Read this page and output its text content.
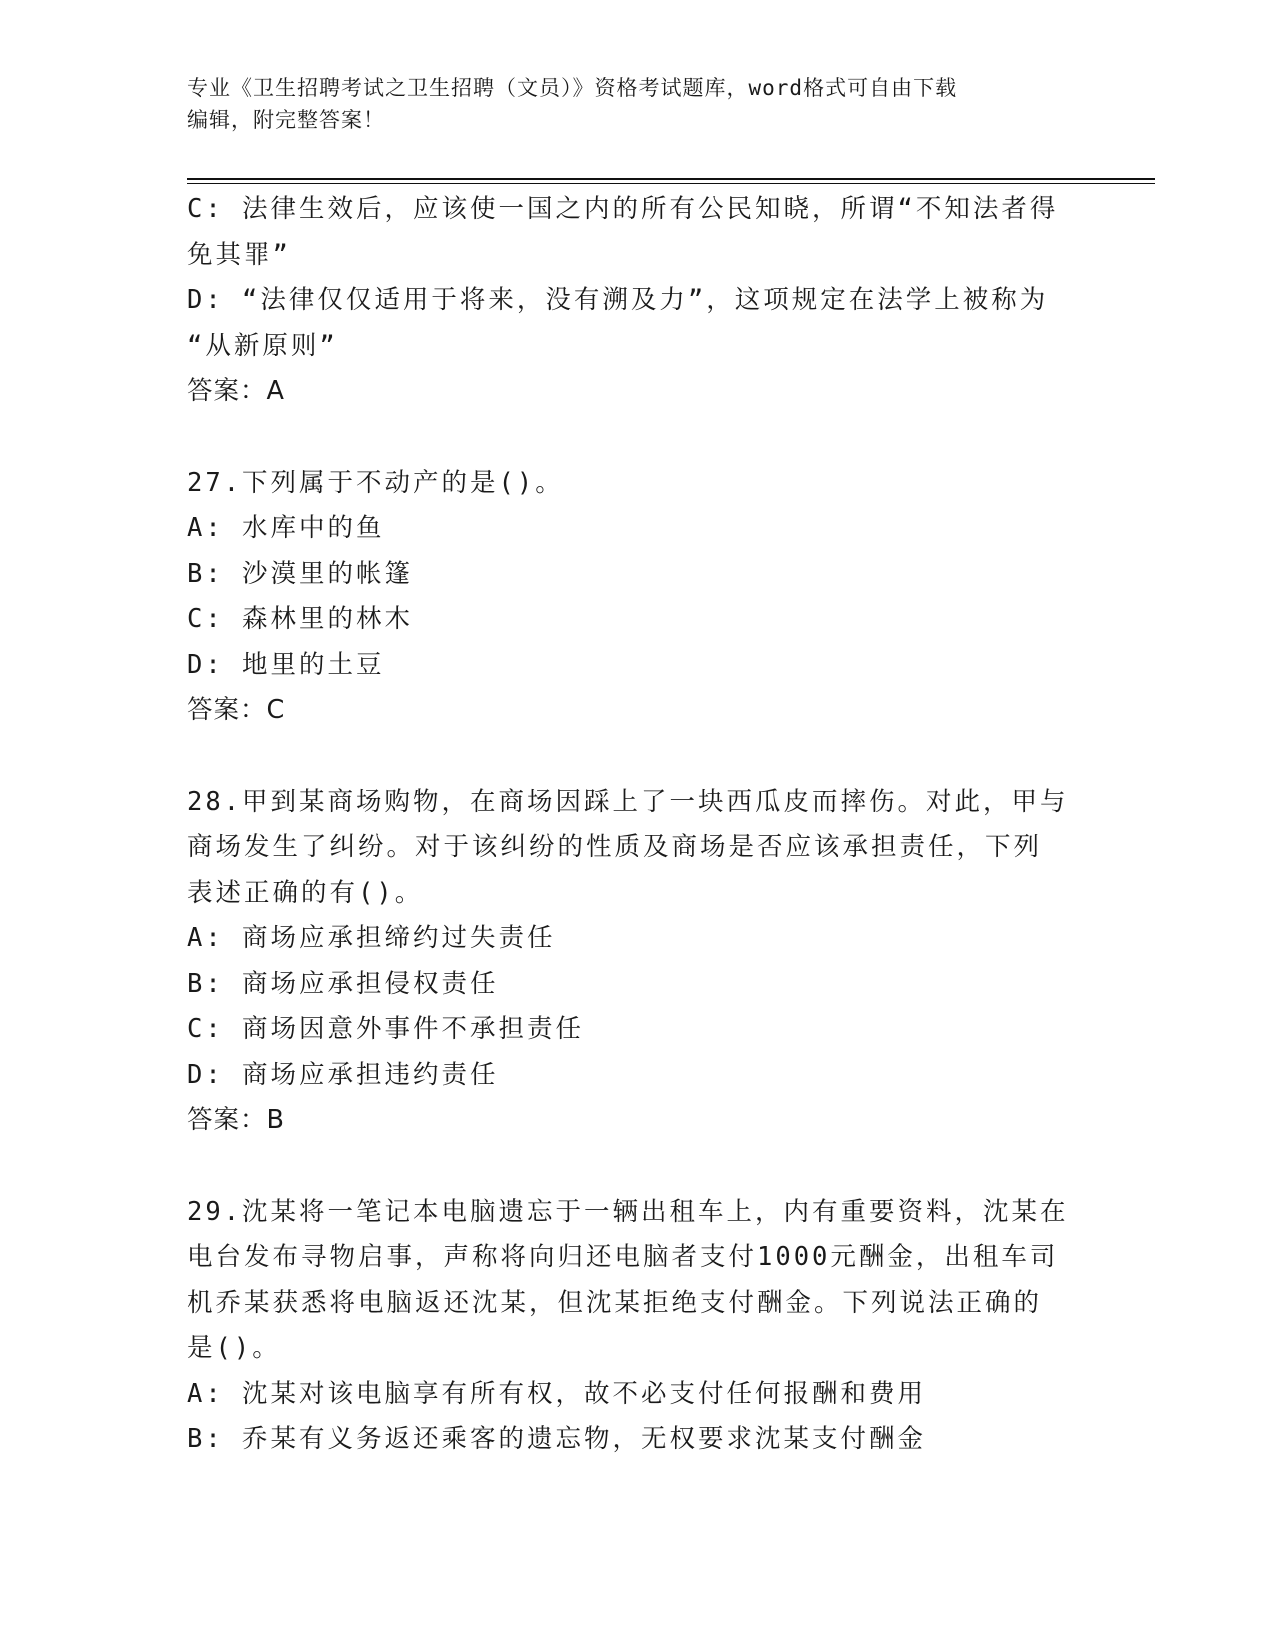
专业《卫生招聘考试之卫生招聘（文员）》资格考试题库，word格式可自由下载
编辑，附完整答案！
C: 法律生效后，应该使一国之内的所有公民知晓，所谓“不知法者得
免其罪”
D: “法律仅仅适用于将来，没有溯及力”，这项规定在法学上被称为
“从新原则”
答案：A
27.下列属于不动产的是()。
A: 水库中的鱼
B: 沙漠里的帐篷
C: 森林里的林木
D: 地里的土豆
答案：C
28.甲到某商场购物，在商场因踩上了一块西瓜皮而摔伤。对此，甲与
商场发生了纠纷。对于该纠纷的性质及商场是否应该承担责任，下列
表述正确的有()。
A: 商场应承担缔约过失责任
B: 商场应承担侵权责任
C: 商场因意外事件不承担责任
D: 商场应承担违约责任
答案：B
29.沈某将一笔记本电脑遗忘于一辆出租车上，内有重要资料，沈某在
电台发布寻物启事，声称将向归还电脑者支付1000元酬金，出租车司
机乔某获悉将电脑返还沈某，但沈某拒绝支付酬金。下列说法正确的
是()。
A: 沈某对该电脑享有所有权，故不必支付任何报酬和费用
B: 乔某有义务返还乘客的遗忘物，无权要求沈某支付酬金
